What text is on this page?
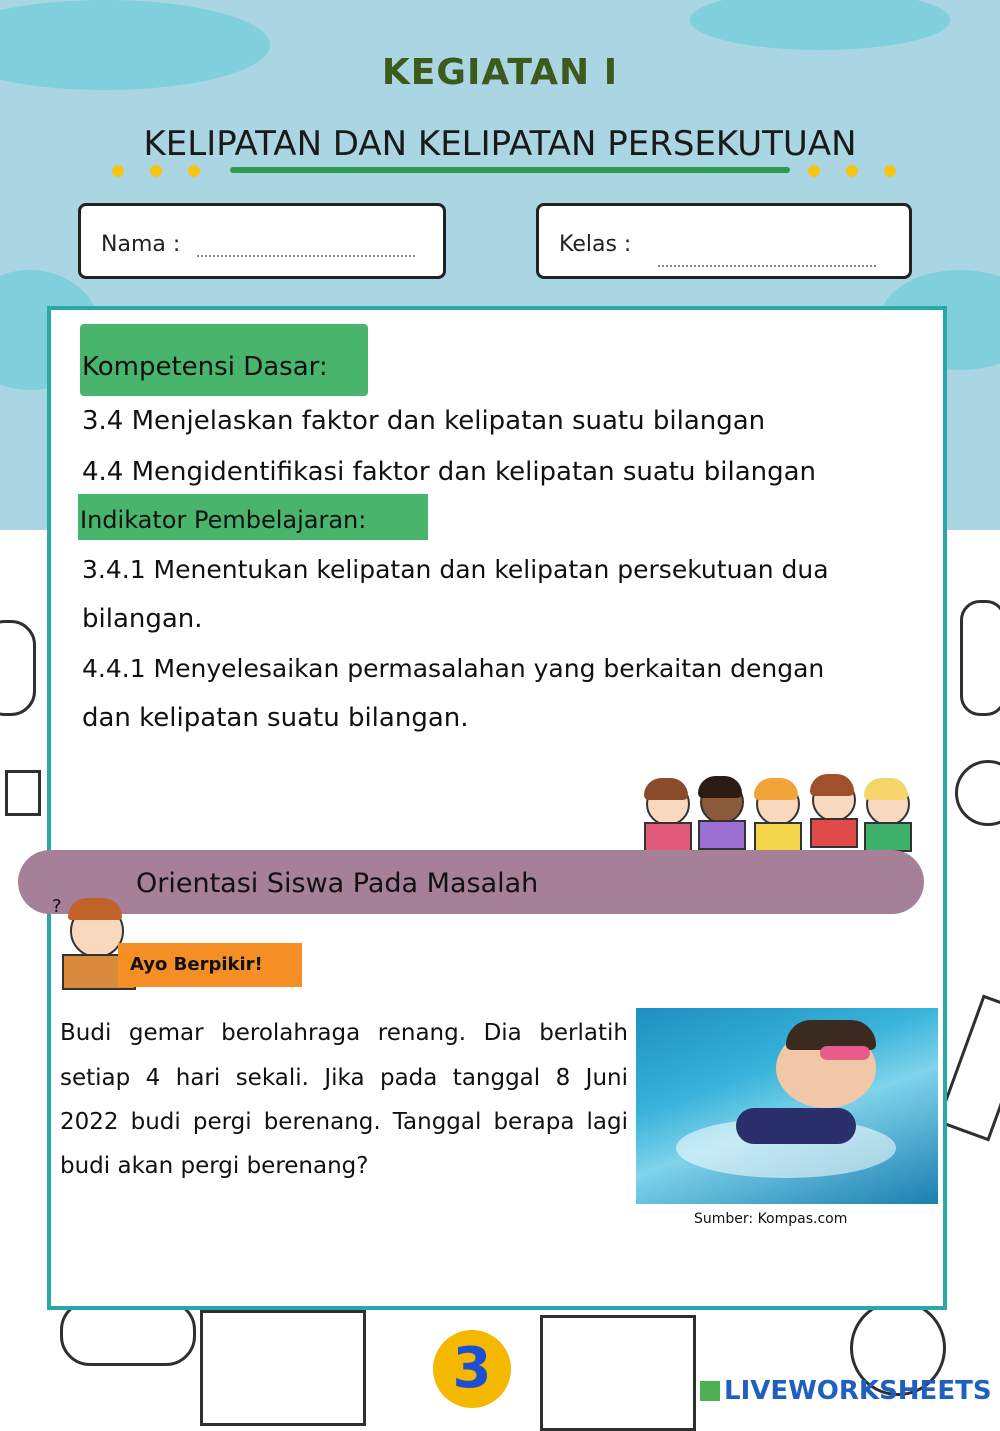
KEGIATAN I
KELIPATAN DAN KELIPATAN PERSEKUTUAN
Nama :	Kelas :
Kompetensi Dasar:
3.4 Menjelaskan faktor dan kelipatan suatu bilangan
4.4 Mengidentifikasi faktor dan kelipatan suatu bilangan
Indikator Pembelajaran:
3.4.1 Menentukan kelipatan dan kelipatan persekutuan dua
bilangan.
4.4.1 Menyelesaikan permasalahan yang berkaitan dengan
dan kelipatan suatu bilangan.
Orientasi Siswa Pada Masalah
?
Ayo Berpikir!
Budi gemar berolahraga renang. Dia berlatih
setiap 4 hari sekali. Jika pada tanggal 8 Juni
2022 budi pergi berenang. Tanggal berapa lagi
budi akan pergi berenang?
Sumber: Kompas.com
3	LIVEWORKSHEETS
